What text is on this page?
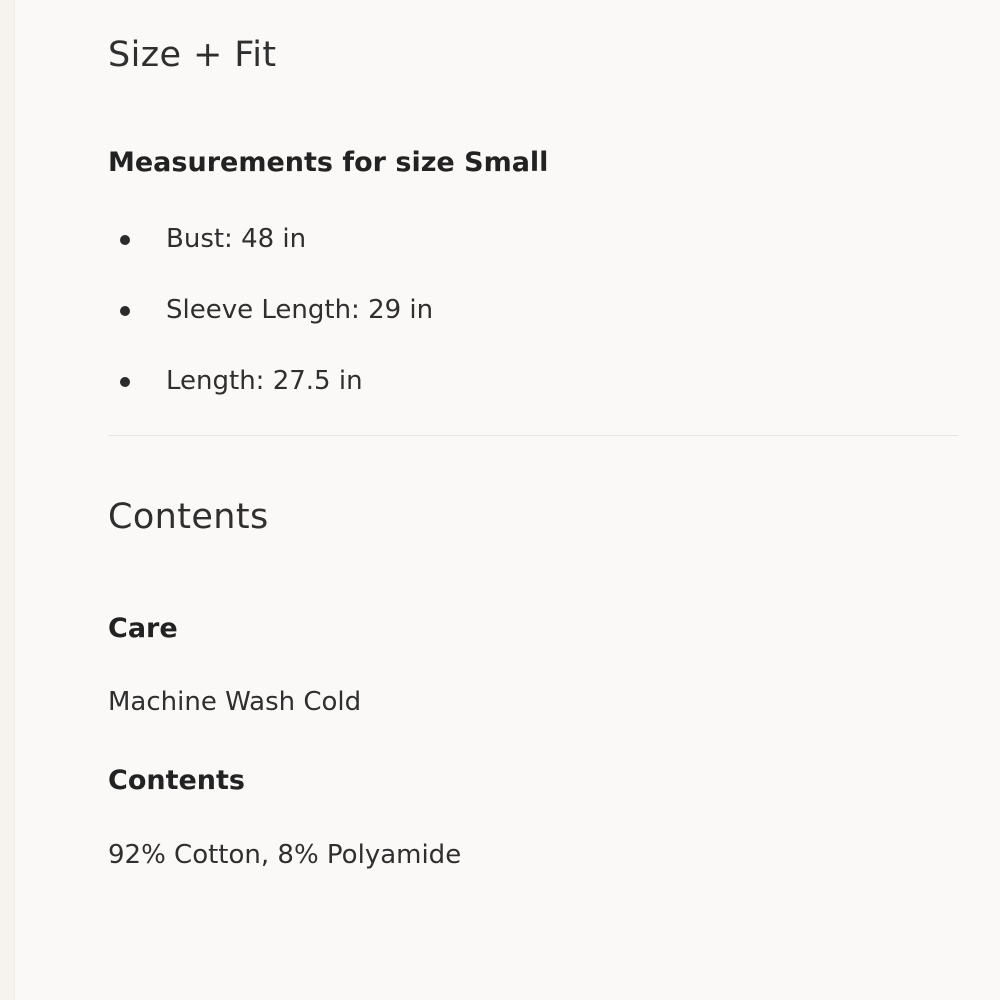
Size + Fit
Measurements for size Small
Bust: 48 in
Sleeve Length: 29 in
Length: 27.5 in
Contents
Care

Machine Wash Cold

Contents

92% Cotton, 8% Polyamide
